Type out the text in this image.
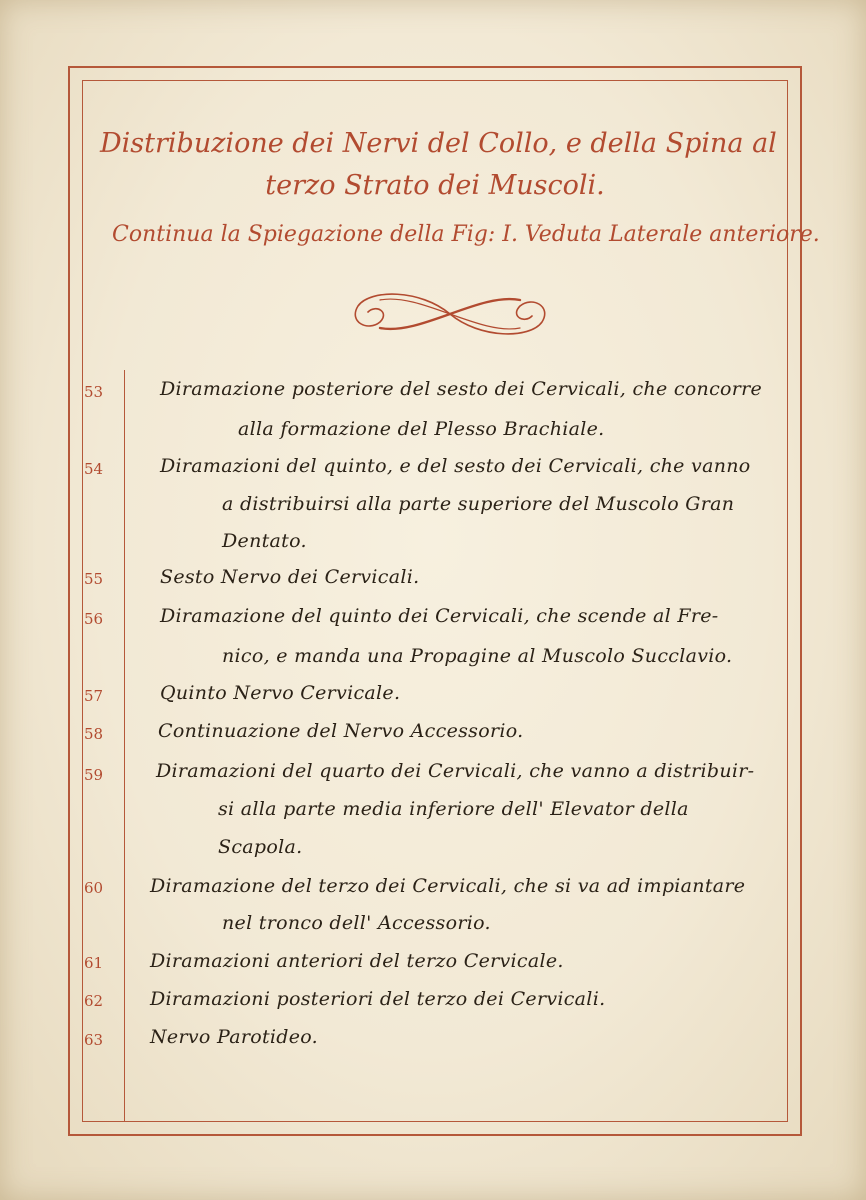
Distribuzione dei Nervi del Collo, e della Spina al
terzo Strato dei Muscoli.
Continua la Spiegazione della Fig: I. Veduta Laterale anteriore.
53	Diramazione posteriore del sesto dei Cervicali, che concorre
alla formazione del Plesso Brachiale.
54	Diramazioni del quinto, e del sesto dei Cervicali, che vanno
a distribuirsi alla parte superiore del Muscolo Gran
Dentato.
55	Sesto Nervo dei Cervicali.
56	Diramazione del quinto dei Cervicali, che scende al Fre-
nico, e manda una Propagine al Muscolo Succlavio.
57	Quinto Nervo Cervicale.
58	Continuazione del Nervo Accessorio.
59	Diramazioni del quarto dei Cervicali, che vanno a distribuir-
si alla parte media inferiore dell' Elevator della
Scapola.
60	Diramazione del terzo dei Cervicali, che si va ad impiantare
nel tronco dell' Accessorio.
61	Diramazioni anteriori del terzo Cervicale.
62	Diramazioni posteriori del terzo dei Cervicali.
63	Nervo Parotideo.
